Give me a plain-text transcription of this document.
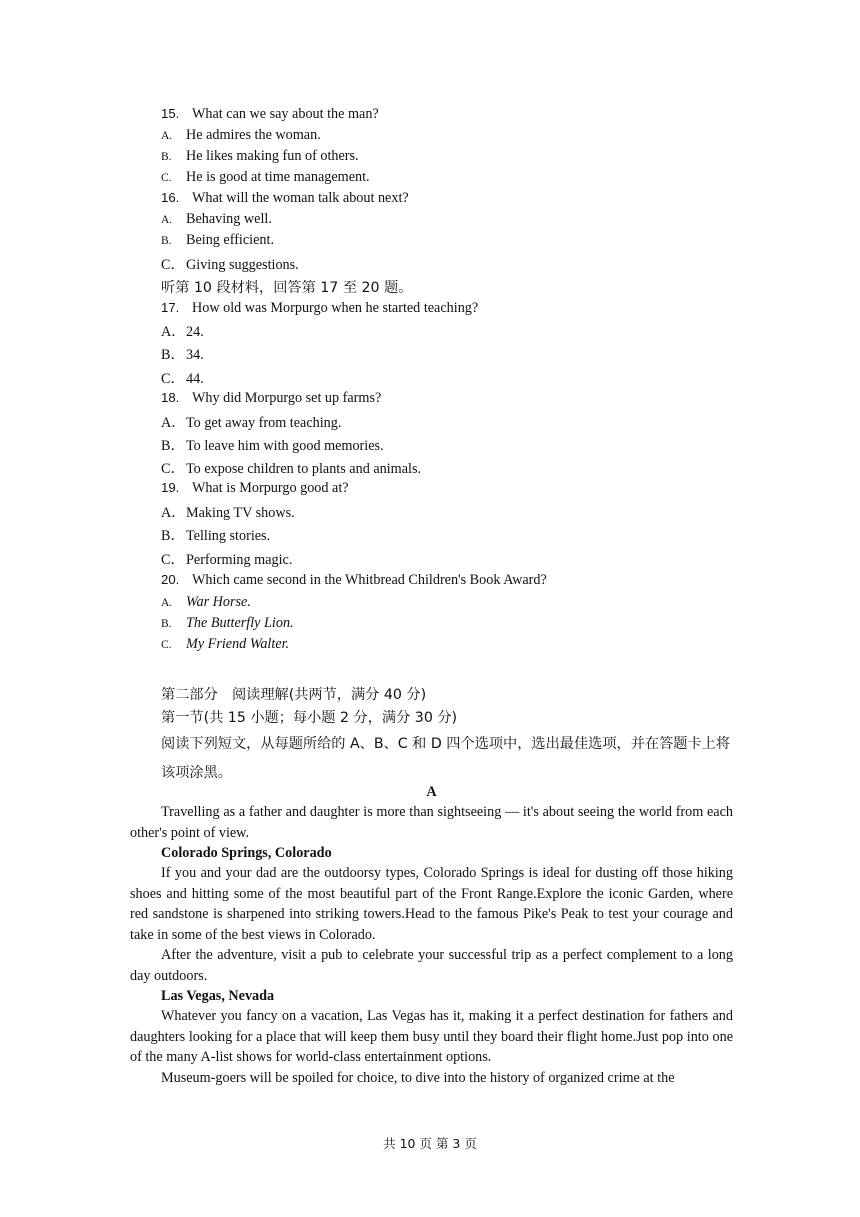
15. What can we say about the man?
A. He admires the woman.
B. He likes making fun of others.
C. He is good at time management.
16. What will the woman talk about next?
A. Behaving well.
B. Being efficient.
C．Giving suggestions.
听第 10 段材料，回答第 17 至 20 题。
17. How old was Morpurgo when he started teaching?
A．24.
B．34.
C．44.
18. Why did Morpurgo set up farms?
A．To get away from teaching.
B．To leave him with good memories.
C．To expose children to plants and animals.
19. What is Morpurgo good at?
A．Making TV shows.
B．Telling stories.
C．Performing magic.
20. Which came second in the Whitbread Children's Book Award?
A. War Horse.
B. The Butterfly Lion.
C. My Friend Walter.
第二部分　阅读理解(共两节，满分 40 分)
第一节(共 15 小题；每小题 2 分，满分 30 分)
阅读下列短文，从每题所给的 A、B、C 和 D 四个选项中，选出最佳选项，并在答题卡上将该项涂黑。
A
Travelling as a father and daughter is more than sightseeing — it's about seeing the world from each other's point of view.
Colorado Springs, Colorado
If you and your dad are the outdoorsy types, Colorado Springs is ideal for dusting off those hiking shoes and hitting some of the most beautiful part of the Front Range.Explore the iconic Garden, where red sandstone is sharpened into striking towers.Head to the famous Pike's Peak to test your courage and take in some of the best views in Colorado.
After the adventure, visit a pub to celebrate your successful trip as a perfect complement to a long day outdoors.
Las Vegas, Nevada
Whatever you fancy on a vacation, Las Vegas has it, making it a perfect destination for fathers and daughters looking for a place that will keep them busy until they board their flight home.Just pop into one of the many A-list shows for world-class entertainment options.
Museum-goers will be spoiled for choice, to dive into the history of organized crime at the
共 10 页 第 3 页
